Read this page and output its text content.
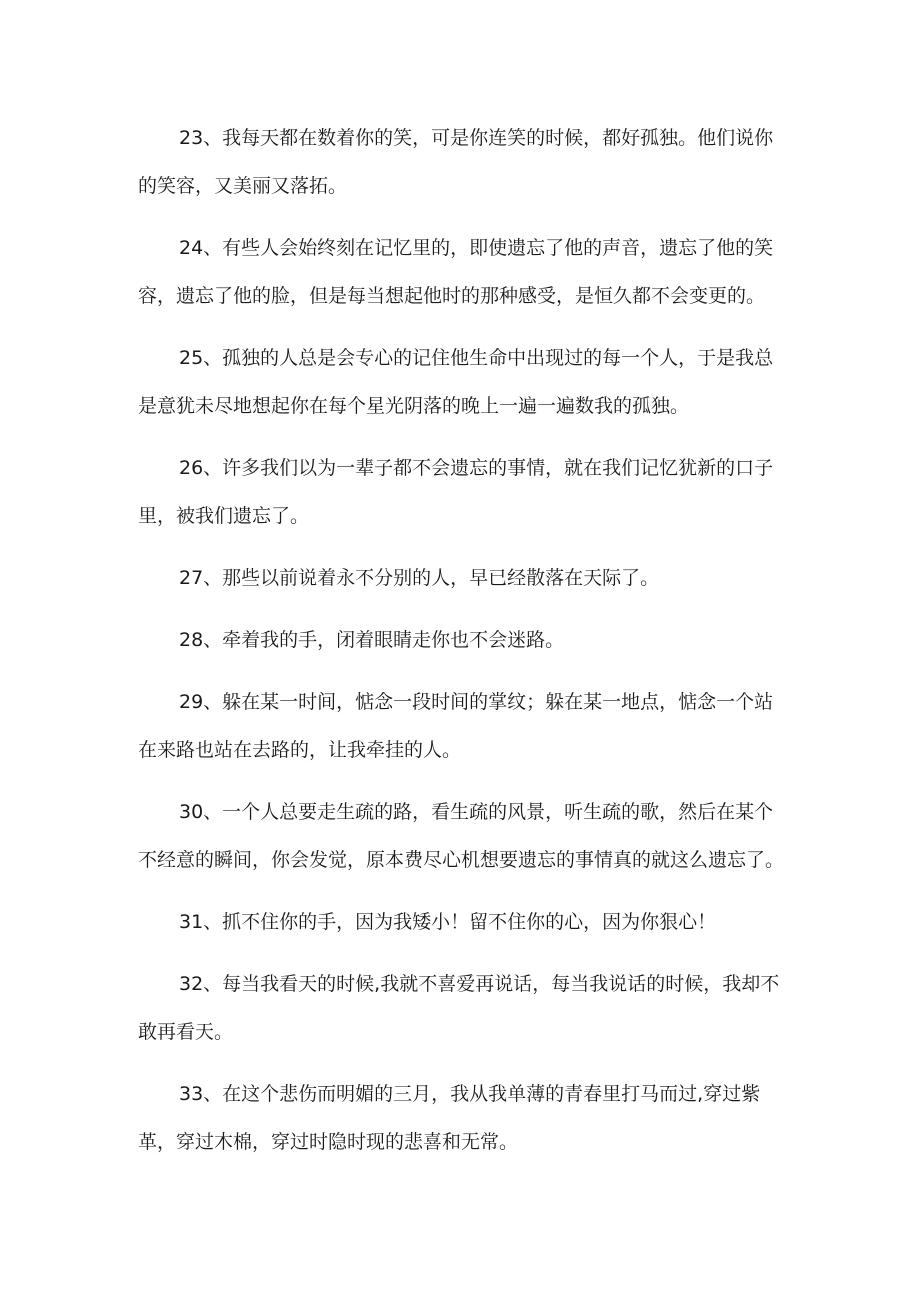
23、我每天都在数着你的笑，可是你连笑的时候，都好孤独。他们说你的笑容，又美丽又落拓。

24、有些人会始终刻在记忆里的，即使遗忘了他的声音，遗忘了他的笑容，遗忘了他的脸，但是每当想起他时的那种感受，是恒久都不会变更的。

25、孤独的人总是会专心的记住他生命中出现过的每一个人，于是我总是意犹未尽地想起你在每个星光阴落的晚上一遍一遍数我的孤独。

26、许多我们以为一辈子都不会遗忘的事情，就在我们记忆犹新的口子里，被我们遗忘了。

27、那些以前说着永不分别的人，早已经散落在天际了。

28、牵着我的手，闭着眼睛走你也不会迷路。

29、躲在某一时间，惦念一段时间的掌纹；躲在某一地点，惦念一个站在来路也站在去路的，让我牵挂的人。

30、一个人总要走生疏的路，看生疏的风景，听生疏的歌，然后在某个不经意的瞬间，你会发觉，原本费尽心机想要遗忘的事情真的就这么遗忘了。

31、抓不住你的手，因为我矮小！留不住你的心，因为你狠心！

32、每当我看天的时候,我就不喜爱再说话，每当我说话的时候，我却不敢再看天。

33、在这个悲伤而明媚的三月，我从我单薄的青春里打马而过,穿过紫革，穿过木棉，穿过时隐时现的悲喜和无常。
